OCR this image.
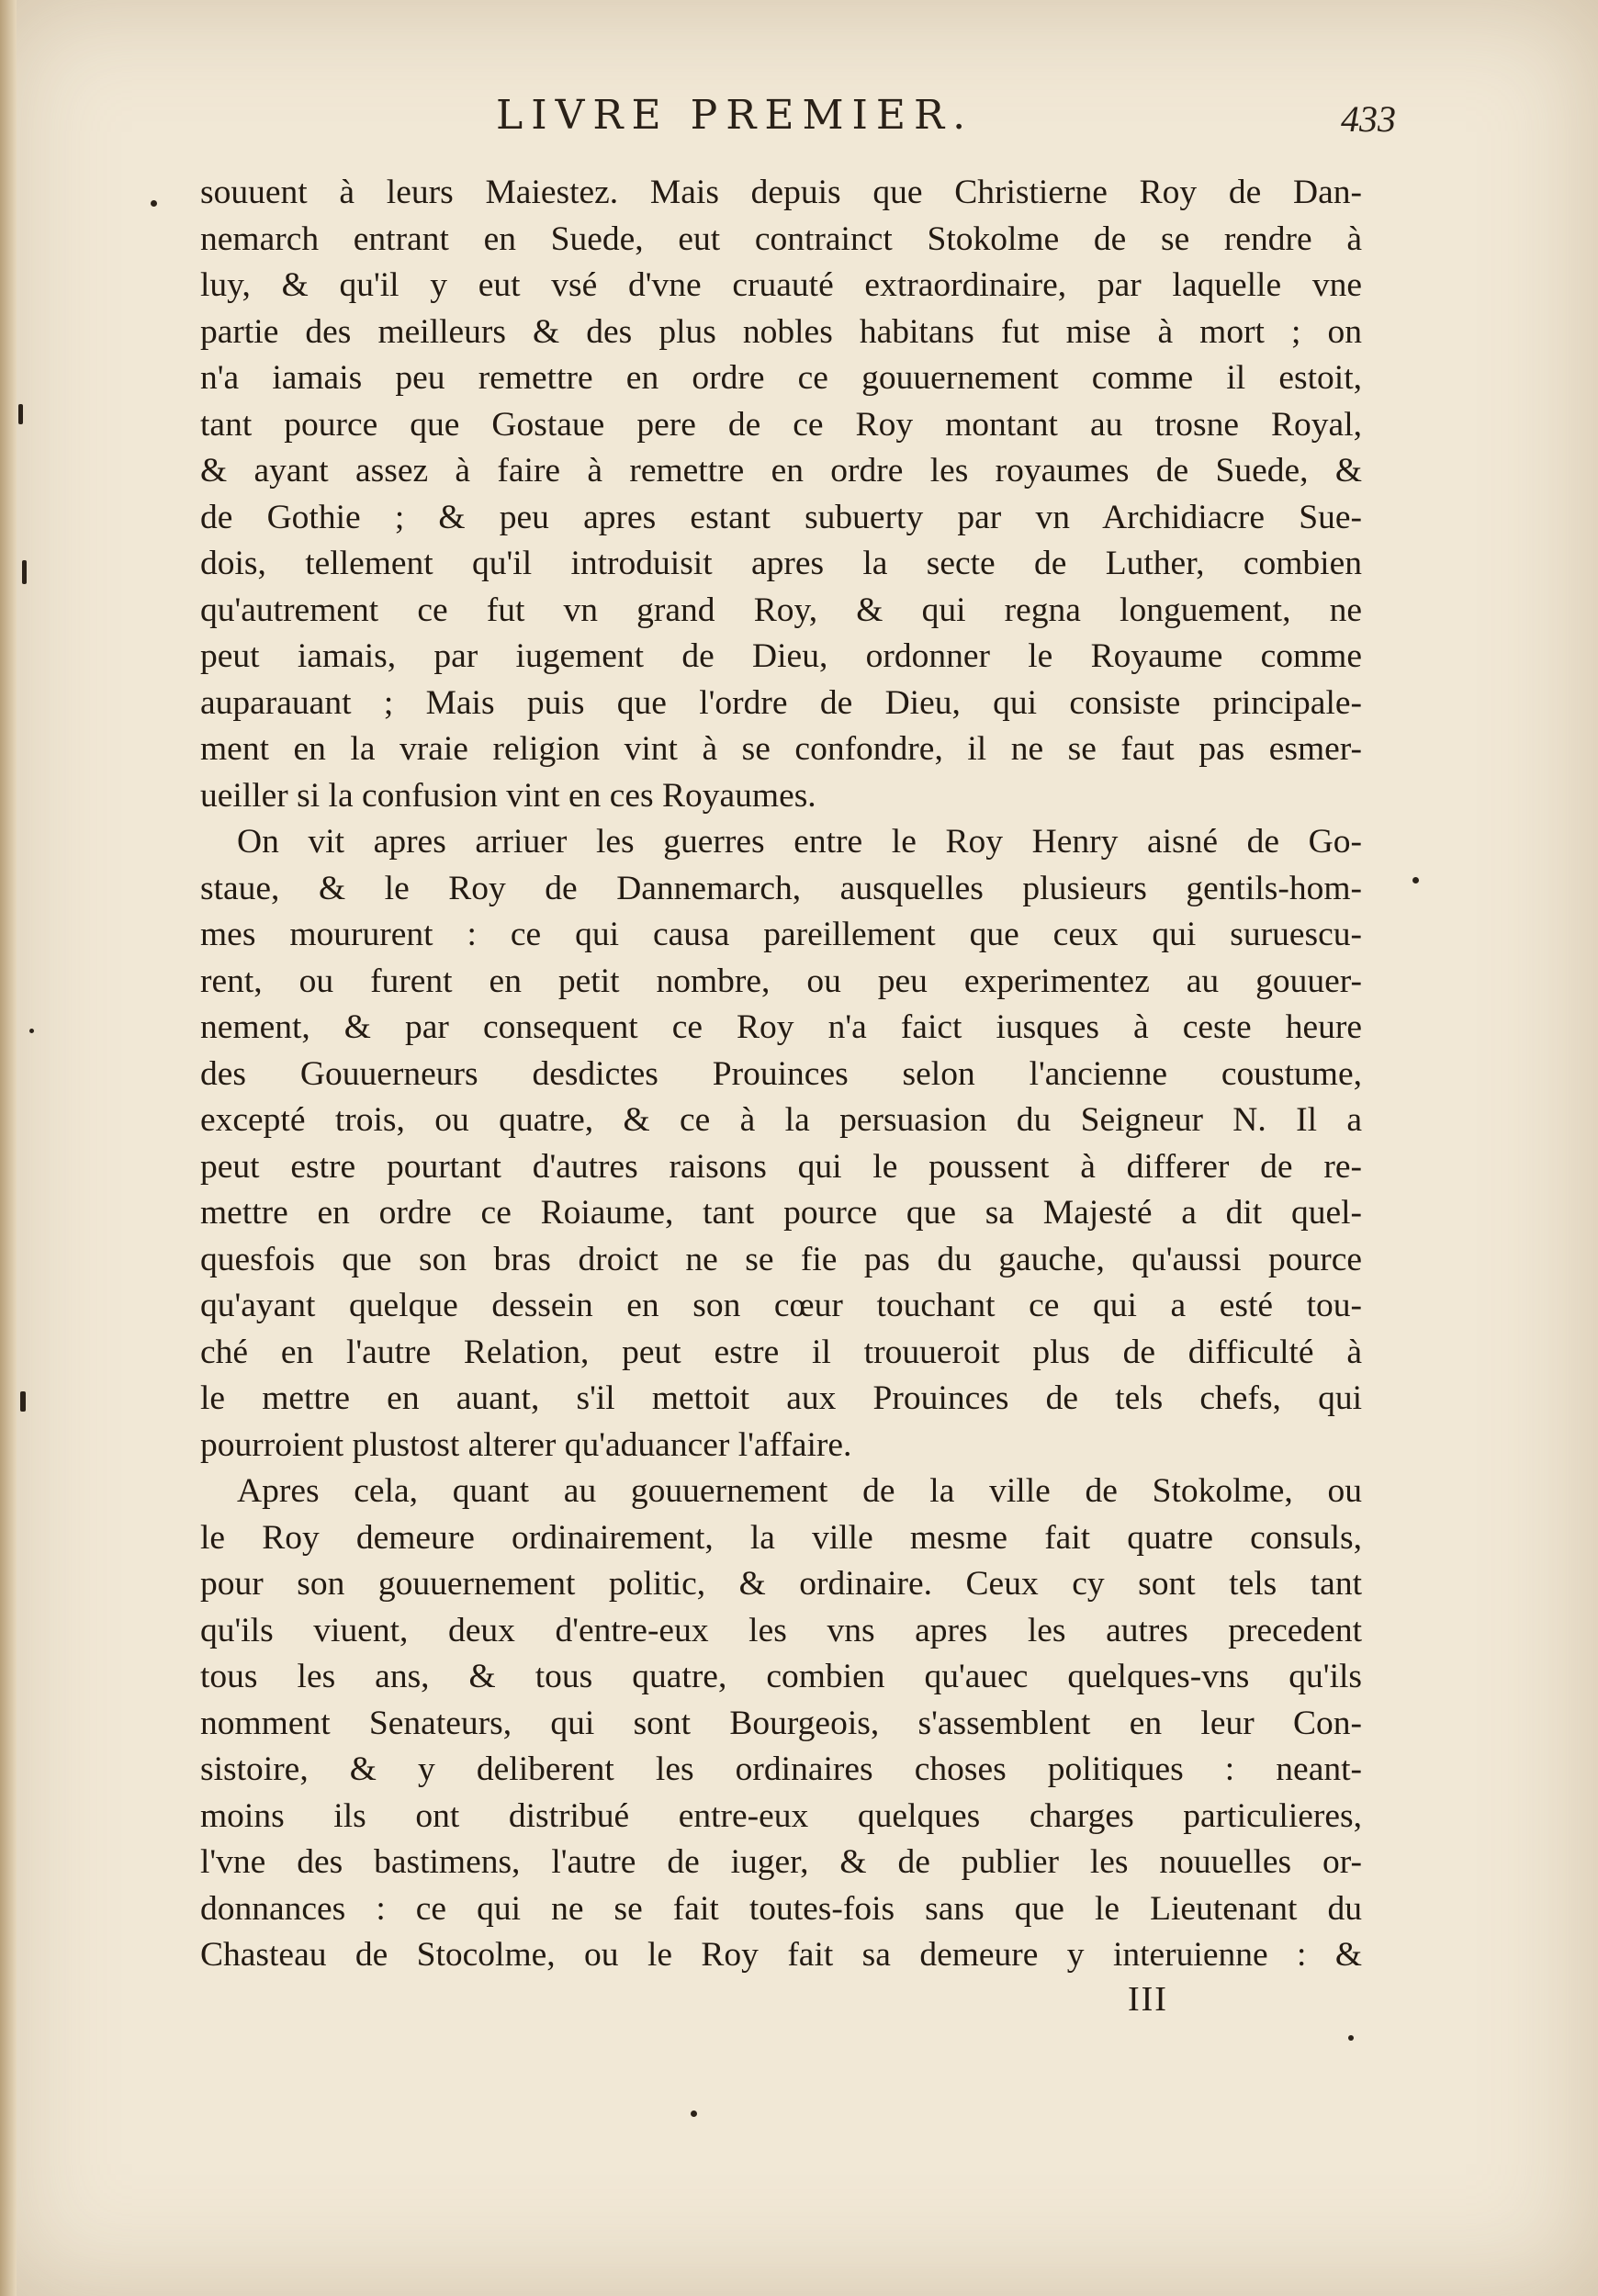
LIVRE PREMIER.	433
souuent à leurs Maiestez. Mais depuis que Christierne Roy de Dan-
nemarch entrant en Suede, eut contrainct Stokolme de se rendre à
luy, & qu'il y eut vsé d'vne cruauté extraordinaire, par laquelle vne
partie des meilleurs & des plus nobles habitans fut mise à mort ; on
n'a iamais peu remettre en ordre ce gouuernement comme il estoit,
tant pource que Gostaue pere de ce Roy montant au trosne Royal,
& ayant assez à faire à remettre en ordre les royaumes de Suede, &
de Gothie ; & peu apres estant subuerty par vn Archidiacre Sue-
dois, tellement qu'il introduisit apres la secte de Luther, combien
qu'autrement ce fut vn grand Roy, & qui regna longuement, ne
peut iamais, par iugement de Dieu, ordonner le Royaume comme
auparauant ; Mais puis que l'ordre de Dieu, qui consiste principale-
ment en la vraie religion vint à se confondre, il ne se faut pas esmer-
ueiller si la confusion vint en ces Royaumes.
On vit apres arriuer les guerres entre le Roy Henry aisné de Go-
staue, & le Roy de Dannemarch, ausquelles plusieurs gentils-hom-
mes moururent : ce qui causa pareillement que ceux qui suruescu-
rent, ou furent en petit nombre, ou peu experimentez au gouuer-
nement, & par consequent ce Roy n'a faict iusques à ceste heure
des Gouuerneurs desdictes Prouinces selon l'ancienne coustume,
excepté trois, ou quatre, & ce à la persuasion du Seigneur N. Il a
peut estre pourtant d'autres raisons qui le poussent à differer de re-
mettre en ordre ce Roiaume, tant pource que sa Majesté a dit quel-
quesfois que son bras droict ne se fie pas du gauche, qu'aussi pource
qu'ayant quelque dessein en son cœur touchant ce qui a esté tou-
ché en l'autre Relation, peut estre il trouueroit plus de difficulté à
le mettre en auant, s'il mettoit aux Prouinces de tels chefs, qui
pourroient plustost alterer qu'aduancer l'affaire.
Apres cela, quant au gouuernement de la ville de Stokolme, ou
le Roy demeure ordinairement, la ville mesme fait quatre consuls,
pour son gouuernement politic, & ordinaire. Ceux cy sont tels tant
qu'ils viuent, deux d'entre-eux les vns apres les autres precedent
tous les ans, & tous quatre, combien qu'auec quelques-vns qu'ils
nomment Senateurs, qui sont Bourgeois, s'assemblent en leur Con-
sistoire, & y deliberent les ordinaires choses politiques : neant-
moins ils ont distribué entre-eux quelques charges particulieres,
l'vne des bastimens, l'autre de iuger, & de publier les nouuelles or-
donnances : ce qui ne se fait toutes-fois sans que le Lieutenant du
Chasteau de Stocolme, ou le Roy fait sa demeure y interuienne : &
III
